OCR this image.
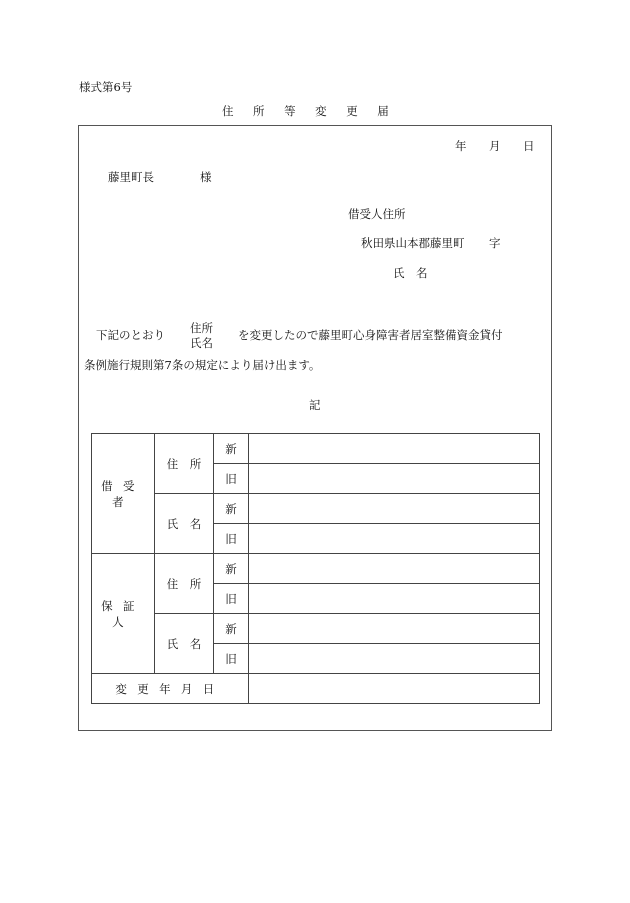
様式第6号
住　所　等　変　更　届
年 月 日
藤里町長	様
借受人住所
秋田県山本郡藤里町 字
氏　名
下記のとおり 住所
氏名
を変更したので藤里町心身障害者居室整備資金貸付
条例施行規則第7条の規定により届け出ます。
記
借受者	住　所	新	
		旧	
	氏　名	新	
		旧	
保証人	住　所	新	
		旧	
	氏　名	新	
		旧	
変更年月日			
